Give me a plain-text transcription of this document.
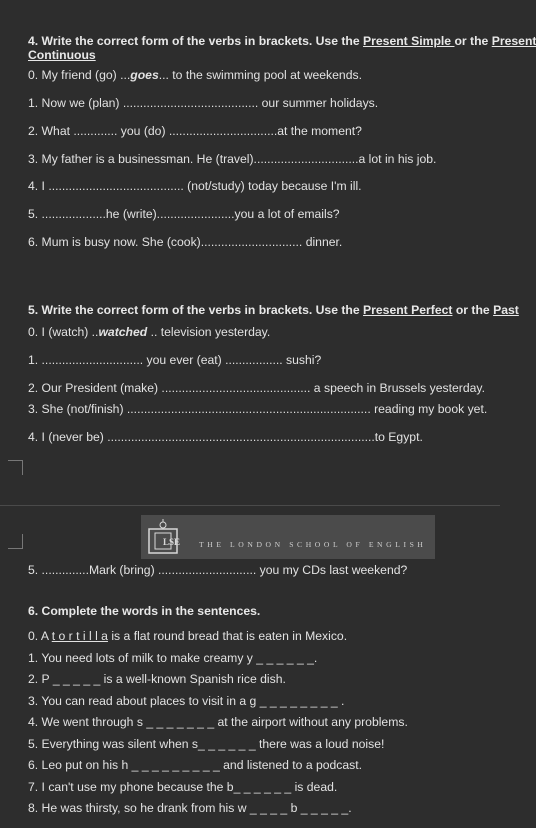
4. Write the correct form of the verbs in brackets. Use the Present Simple or the Present
Continuous
0. My friend (go) ...goes... to the swimming pool at weekends.
1. Now we (plan) ........................................ our summer holidays.
2. What ............. you (do) ................................at the moment?
3. My father is a businessman. He (travel)...............................a lot in his job.
4. I ........................................ (not/study) today because I'm ill.
5. ...................he (write).......................you a lot of emails?
6. Mum is busy now. She (cook).............................. dinner.
5. Write the correct form of the verbs in brackets. Use the Present Perfect or the Past
0. I (watch) ..watched .. television yesterday.
1. .............................. you ever (eat) ................. sushi?
2. Our President (make) ............................................ a speech in Brussels yesterday.
3. She (not/finish) ........................................................................ reading my book yet.
4. I (never be) ...............................................................................to Egypt.
LSE THE LONDON SCHOOL OF ENGLISH
5. ..............Mark (bring) ............................. you my CDs last weekend?
6. Complete the words in the sentences.
0. A t o r t i l l a is a flat round bread that is eaten in Mexico.
1. You need lots of milk to make creamy y _ _ _ _ _ _.
2. P _ _ _ _ _ is a well-known Spanish rice dish.
3. You can read about places to visit in a g _ _ _ _ _ _ _ _ .
4. We went through s _ _ _ _ _ _ _ at the airport without any problems.
5. Everything was silent when s_ _ _ _ _ _ there was a loud noise!
6. Leo put on his h _ _ _ _ _ _ _ _ _ and listened to a podcast.
7. I can't use my phone because the b_ _ _ _ _ _ is dead.
8. He was thirsty, so he drank from his w _ _ _ _ b _ _ _ _ _.
